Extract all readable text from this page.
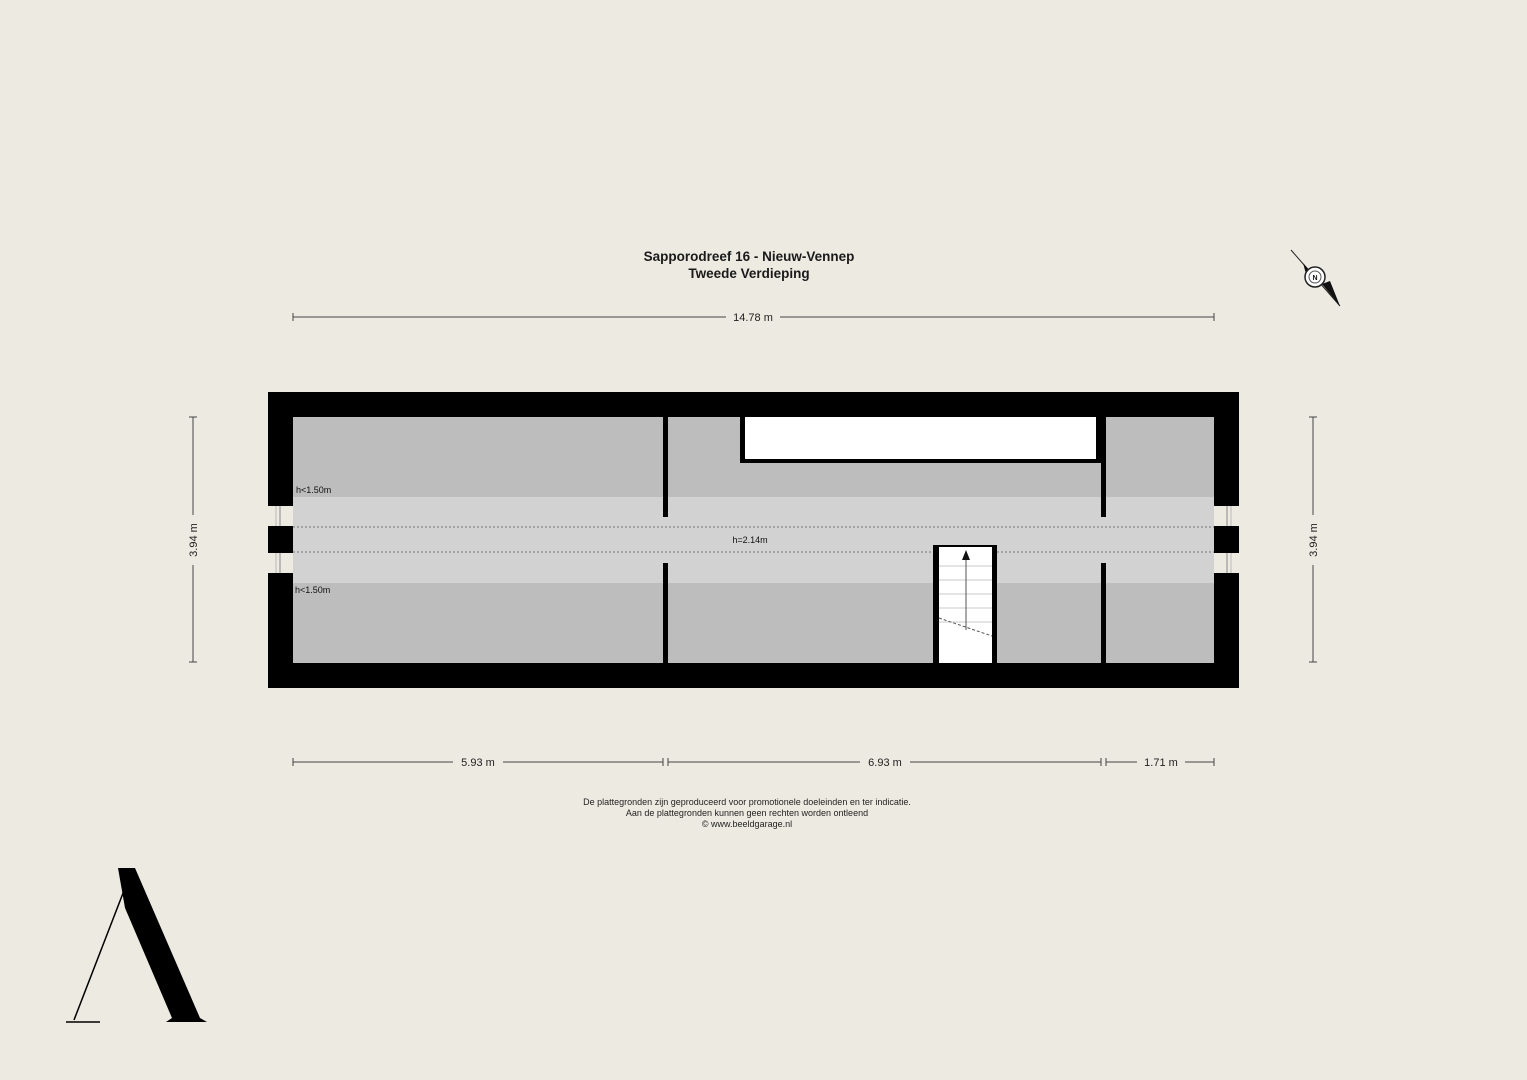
Sapporodreef 16 - Nieuw-Vennep
Tweede Verdieping
14.78 m
3.94 m	3.94 m
h<1.50m
h=2.14m
h<1.50m
5.93 m	6.93 m	1.71 m
N
De plattegronden zijn geproduceerd voor promotionele doeleinden en ter indicatie.
Aan de plattegronden kunnen geen rechten worden ontleend
© www.beeldgarage.nl
